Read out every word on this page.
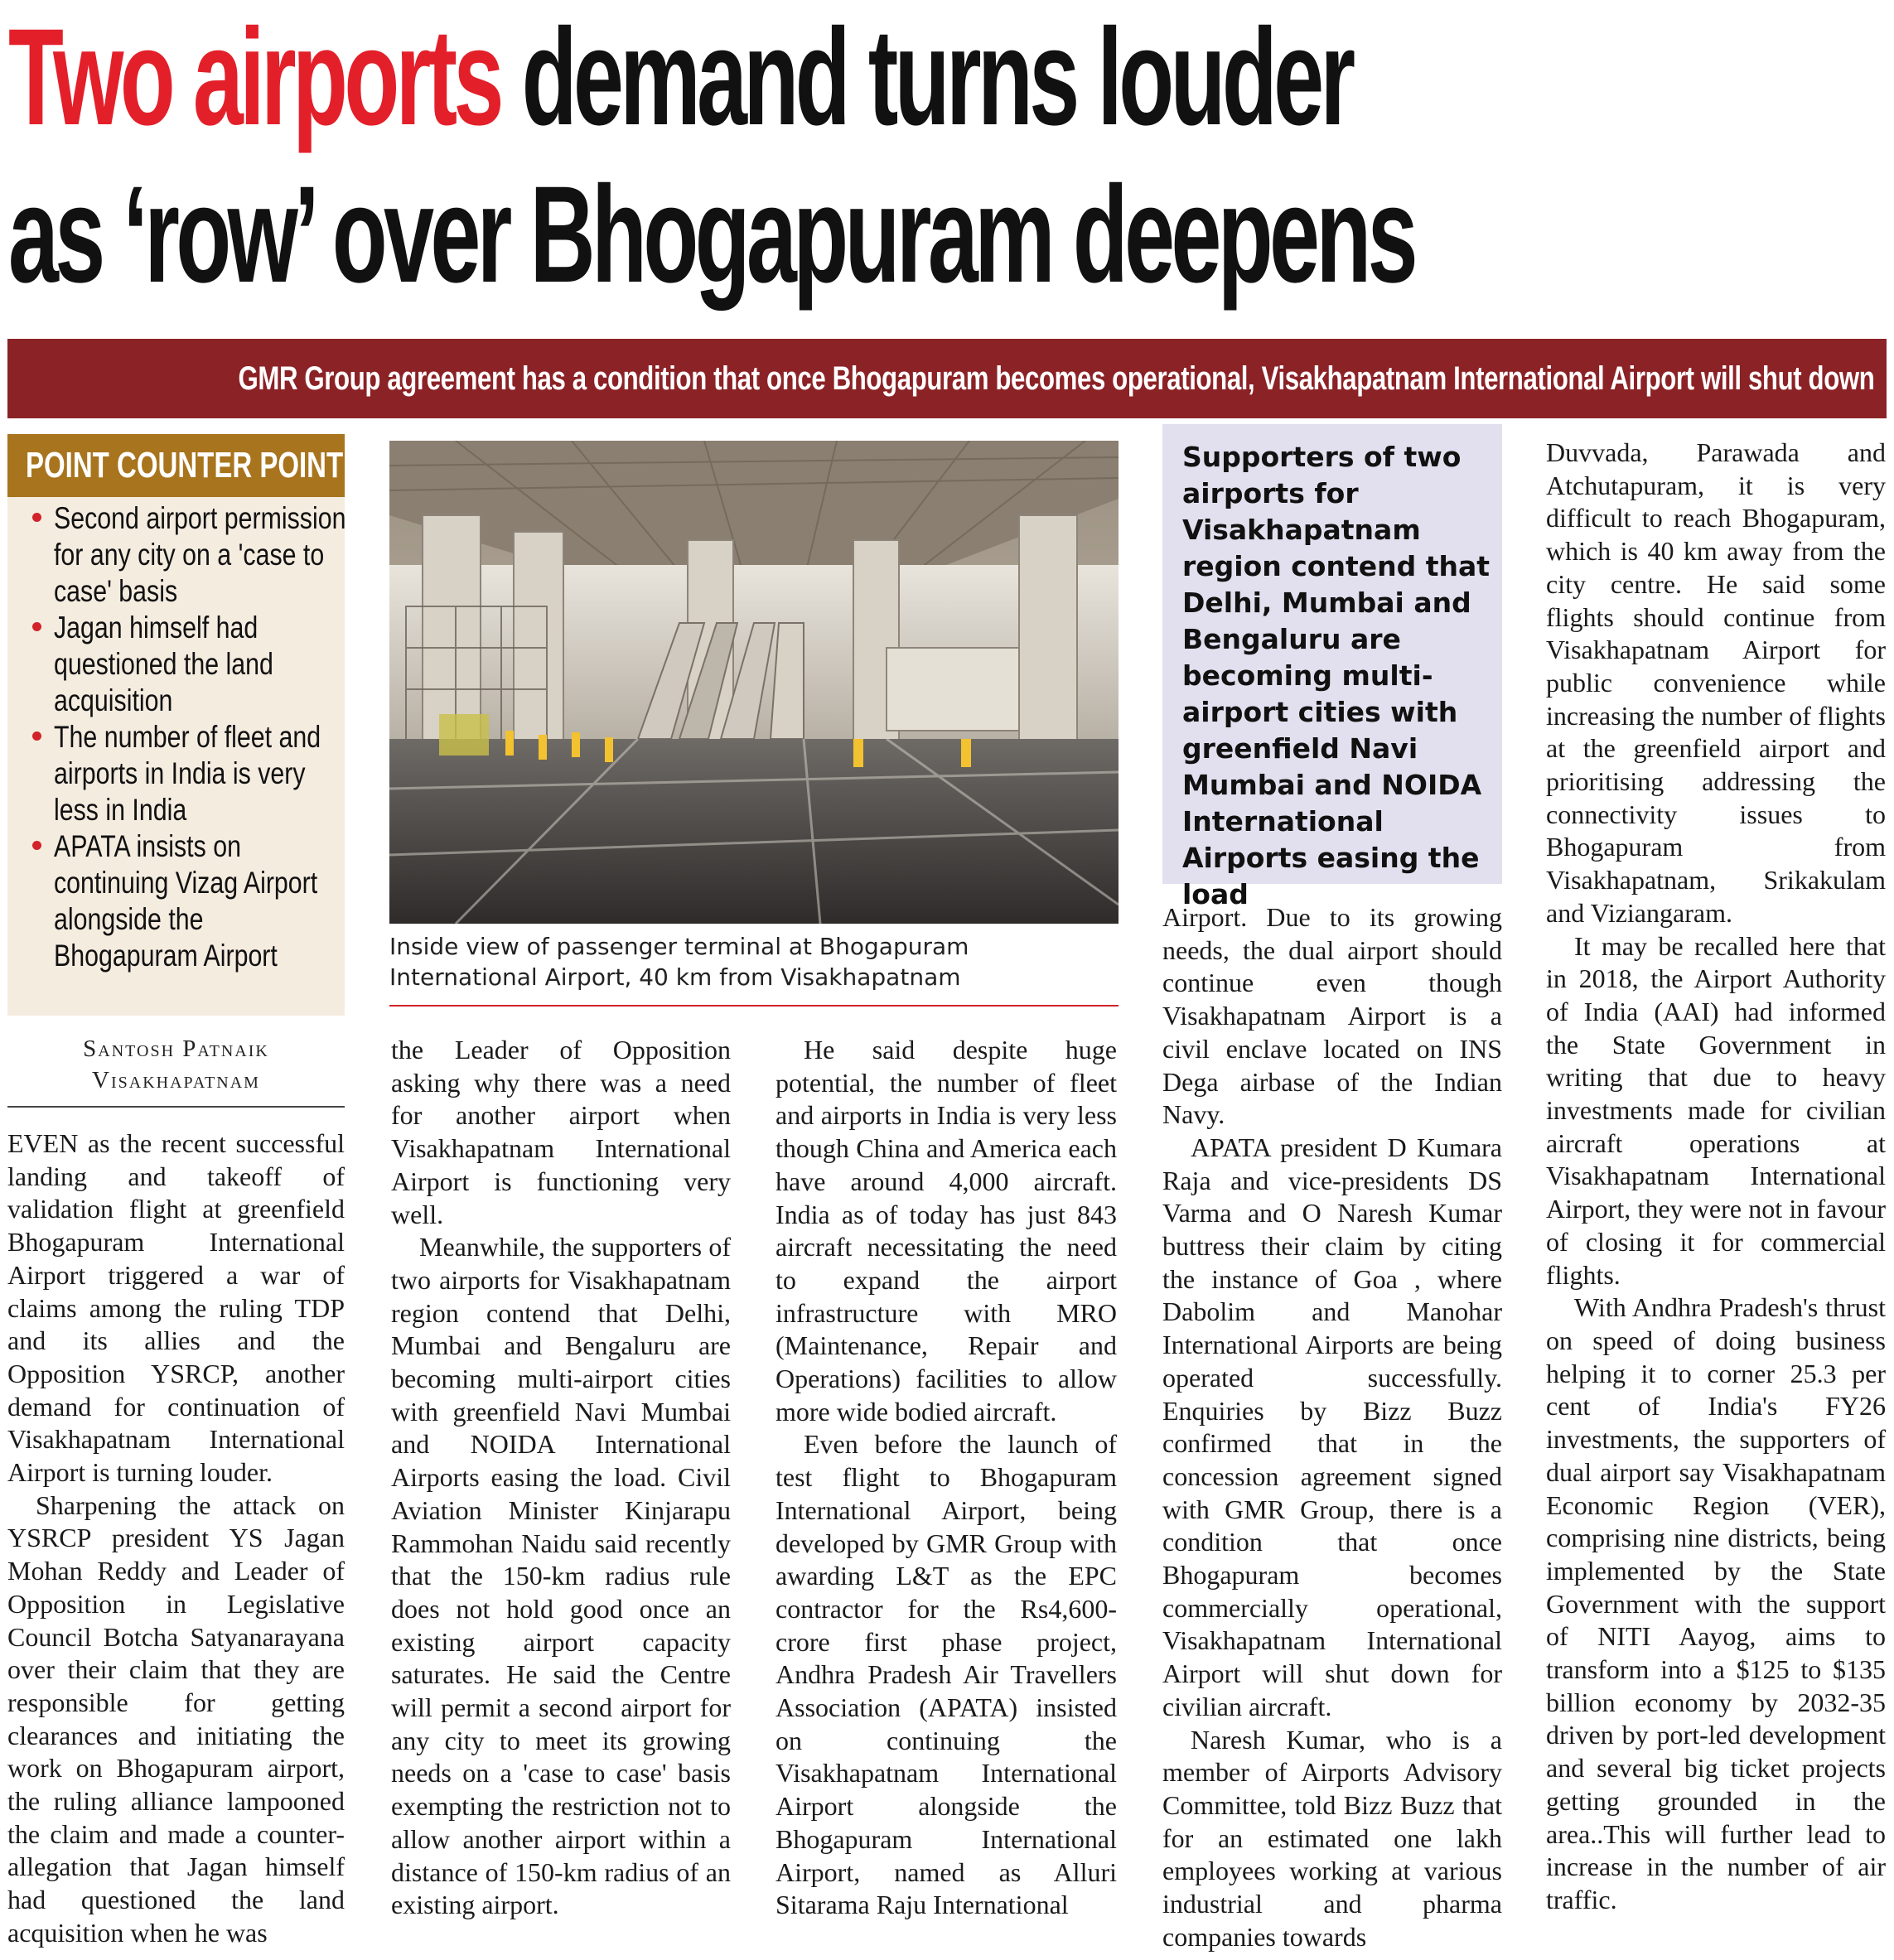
Two airports demand turns louder
as ‘row’ over Bhogapuram deepens
GMR Group agreement has a condition that once Bhogapuram becomes operational, Visakhapatnam International Airport will shut down
POINT COUNTER POINT
Second airport permission for any city on a 'case to case' basis
Jagan himself had questioned the land acquisition
The number of fleet and airports in India is very less in India
APATA insists on continuing Vizag Airport alongside the Bhogapuram Airport	Inside view of passenger terminal at Bhogapuram International Airport, 40 km from Visakhapatnam
Supporters of two airports for Visakhapatnam region contend that Delhi, Mumbai and Bengaluru are becoming multi-airport cities with greenfield Navi Mumbai and NOIDA International Airports easing the load
Santosh Patnaik
Visakhapatnam

EVEN as the recent successful landing and takeoff of validation flight at greenfield Bhogapuram International Airport triggered a war of claims among the ruling TDP and its allies and the Opposition YSRCP, another demand for continuation of Visakhapatnam International Airport is turning louder.

Sharpening the attack on YSRCP president YS Jagan Mohan Reddy and Leader of Opposition in Legislative Council Botcha Satyanarayana over their claim that they are responsible for getting clearances and initiating the work on Bhogapuram airport, the ruling alliance lampooned the claim and made a counter-allegation that Jagan himself had questioned the land acquisition when he was

the Leader of Opposition asking why there was a need for another airport when Visakhapatnam International Airport is functioning very well.

Meanwhile, the supporters of two airports for Visakhapatnam region contend that Delhi, Mumbai and Bengaluru are becoming multi-airport cities with greenfield Navi Mumbai and NOIDA International Airports easing the load. Civil Aviation Minister Kinjarapu Rammohan Naidu said recently that the 150-km radius rule does not hold good once an existing airport capacity saturates. He said the Centre will permit a second airport for any city to meet its growing needs on a 'case to case' basis exempting the restriction not to allow another airport within a distance of 150-km radius of an existing airport.

He said despite huge potential, the number of fleet and airports in India is very less though China and America each have around 4,000 aircraft. India as of today has just 843 aircraft necessitating the need to expand the airport infrastructure with MRO (Maintenance, Repair and Operations) facilities to allow more wide bodied aircraft.

Even before the launch of test flight to Bhogapuram International Airport, being developed by GMR Group with awarding L&T as the EPC contractor for the Rs4,600-crore first phase project, Andhra Pradesh Air Travellers Association (APATA) insisted on continuing the Visakhapatnam International Airport alongside the Bhogapuram International Airport, named as Alluri Sitarama Raju International

Airport. Due to its growing needs, the dual airport should continue even though Visakhapatnam Airport is a civil enclave located on INS Dega airbase of the Indian Navy.

APATA president D Kumara Raja and vice-presidents DS Varma and O Naresh Kumar buttress their claim by citing the instance of Goa , where Dabolim and Manohar International Airports are being operated successfully. Enquiries by Bizz Buzz confirmed that in the concession agreement signed with GMR Group, there is a condition that once Bhogapuram becomes commercially operational, Visakhapatnam International Airport will shut down for civilian aircraft.

Naresh Kumar, who is a member of Airports Advisory Committee, told Bizz Buzz that for an estimated one lakh employees working at various industrial and pharma companies towards

Duvvada, Parawada and Atchutapuram, it is very difficult to reach Bhogapuram, which is 40 km away from the city centre. He said some flights should continue from Visakhapatnam Airport for public convenience while increasing the number of flights at the greenfield airport and prioritising addressing the connectivity issues to Bhogapuram from Visakhapatnam, Srikakulam and Viziangaram.

It may be recalled here that in 2018, the Airport Authority of India (AAI) had informed the State Government in writing that due to heavy investments made for civilian aircraft operations at Visakhapatnam International Airport, they were not in favour of closing it for commercial flights.

With Andhra Pradesh's thrust on speed of doing business helping it to corner 25.3 per cent of India's FY26 investments, the supporters of dual airport say Visakhapatnam Economic Region (VER), comprising nine districts, being implemented by the State Government with the support of NITI Aayog, aims to transform into a $125 to $135 billion economy by 2032-35 driven by port-led development and several big ticket projects getting grounded in the area..This will further lead to increase in the number of air traffic.
